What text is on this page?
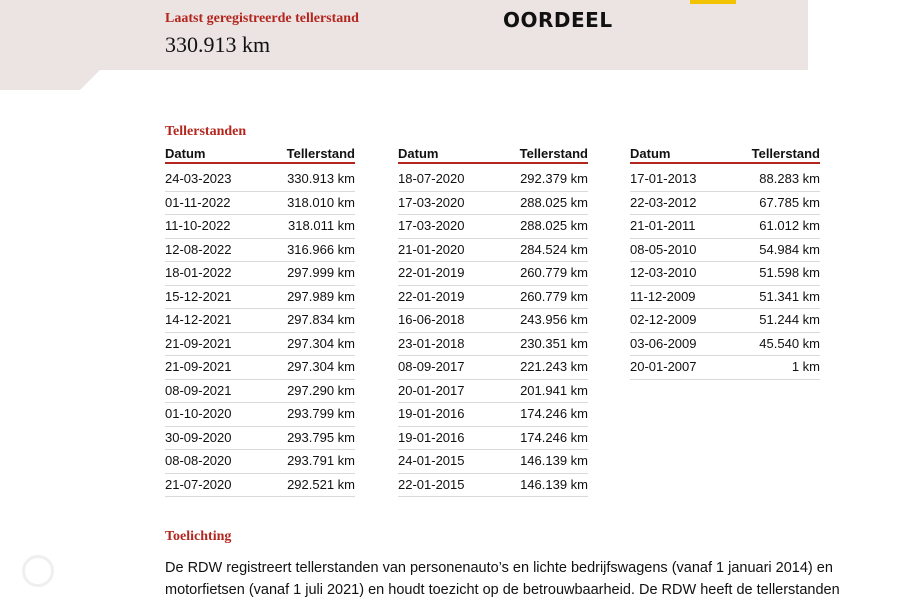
Laatst geregistreerde tellerstand
330.913 km
OORDEEL
Tellerstanden
Datum	Tellerstand
24-03-2023	330.913 km
01-11-2022	318.010 km
11-10-2022	318.011 km
12-08-2022	316.966 km
18-01-2022	297.999 km
15-12-2021	297.989 km
14-12-2021	297.834 km
21-09-2021	297.304 km
21-09-2021	297.304 km
08-09-2021	297.290 km
01-10-2020	293.799 km
30-09-2020	293.795 km
08-08-2020	293.791 km
21-07-2020	292.521 km
Datum	Tellerstand
18-07-2020	292.379 km
17-03-2020	288.025 km
17-03-2020	288.025 km
21-01-2020	284.524 km
22-01-2019	260.779 km
22-01-2019	260.779 km
16-06-2018	243.956 km
23-01-2018	230.351 km
08-09-2017	221.243 km
20-01-2017	201.941 km
19-01-2016	174.246 km
19-01-2016	174.246 km
24-01-2015	146.139 km
22-01-2015	146.139 km
Datum	Tellerstand
17-01-2013	88.283 km
22-03-2012	67.785 km
21-01-2011	61.012 km
08-05-2010	54.984 km
12-03-2010	51.598 km
11-12-2009	51.341 km
02-12-2009	51.244 km
03-06-2009	45.540 km
20-01-2007	1 km
Toelichting
De RDW registreert tellerstanden van personenauto’s en lichte bedrijfswagens (vanaf 1 januari 2014) en motorfietsen (vanaf 1 juli 2021) en houdt toezicht op de betrouwbaarheid. De RDW heeft de tellerstanden
mobile
